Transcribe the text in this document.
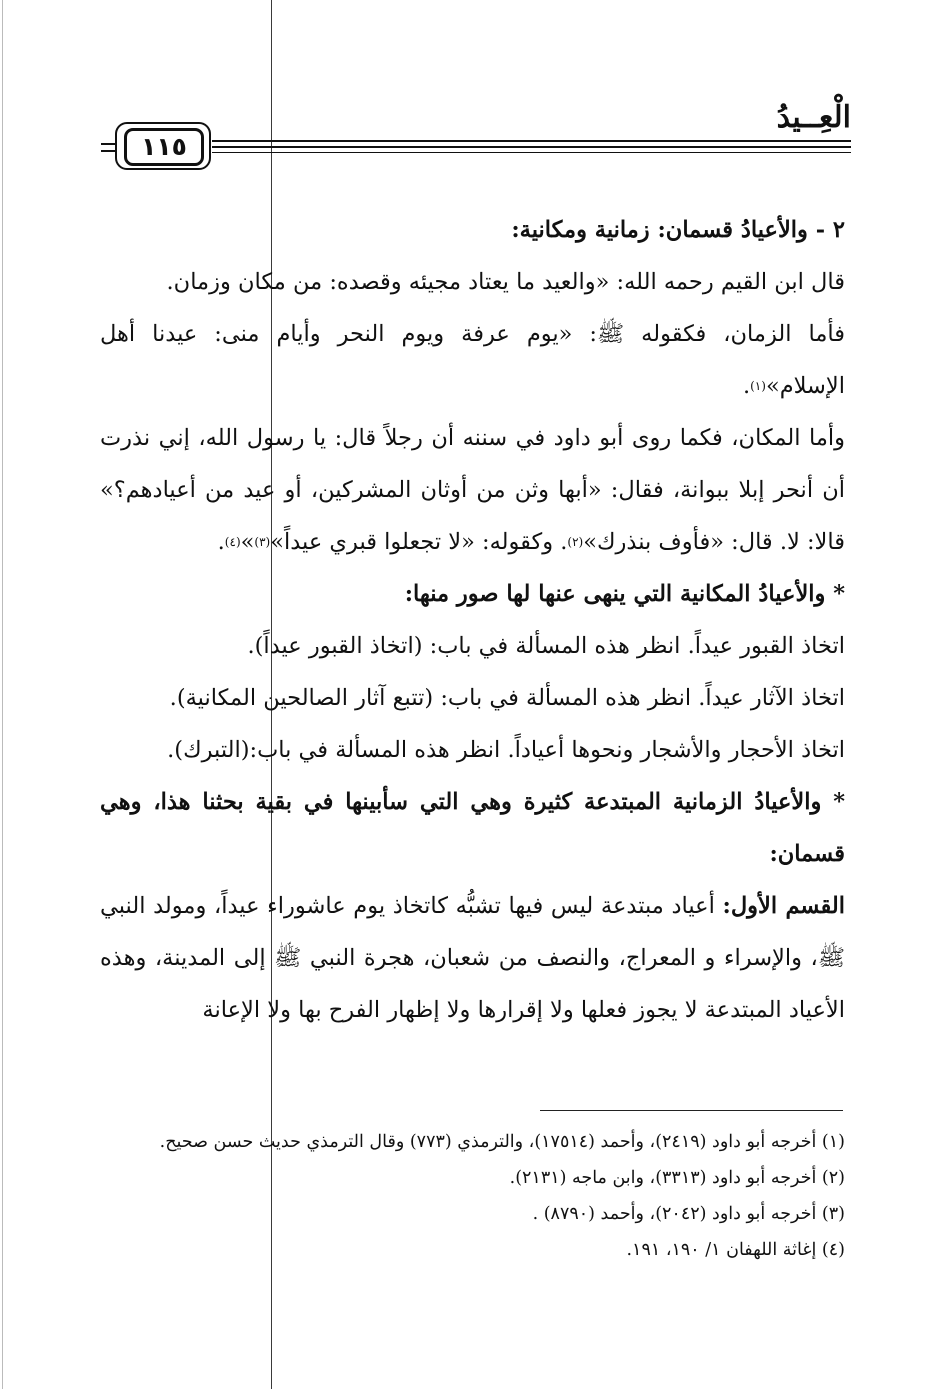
الْعِــيدُ
١١٥

٢ - والأعيادُ قسمان: زمانية ومكانية:

قال ابن القيم رحمه الله: «والعيد ما يعتاد مجيئه وقصده: من مكان وزمان.

فأما الزمان، فكقوله ﷺ: «يوم عرفة ويوم النحر وأيام منى: عيدنا أهل الإسلام»$^{(١)}$.

وأما المكان، فكما روى أبو داود في سننه أن رجلاً قال: يا رسول الله، إني نذرت أن أنحر إبلا ببوانة، فقال: «أبها وثن من أوثان المشركين، أو عيد من أعيادهم؟» قالا: لا. قال: «فأوف بنذرك»$^{(٢)}$. وكقوله: «لا تجعلوا قبري عيداً»$^{(٣)}$»$^{(٤)}$.

* والأعيادُ المكانية التي ينهى عنها لها صور منها:

اتخاذ القبور عيداً. انظر هذه المسألة في باب: (اتخاذ القبور عيداً).

اتخاذ الآثار عيداً. انظر هذه المسألة في باب: (تتبع آثار الصالحين المكانية).

اتخاذ الأحجار والأشجار ونحوها أعياداً. انظر هذه المسألة في باب:(التبرك).

* والأعيادُ الزمانية المبتدعة كثيرة وهي التي سأبينها في بقية بحثنا هذا، وهي قسمان:

القسم الأول: أعياد مبتدعة ليس فيها تشبُّه كاتخاذ يوم عاشوراء عيداً، ومولد النبي ﷺ، والإسراء و المعراج، والنصف من شعبان، هجرة النبي ﷺ إلى المدينة، وهذه الأعياد المبتدعة لا يجوز فعلها ولا إقرارها ولا إظهار الفرح بها ولا الإعانة

(١) أخرجه أبو داود (٢٤١٩)، وأحمد (١٧٥١٤)، والترمذي (٧٧٣) وقال الترمذي حديث حسن صحيح.

(٢) أخرجه أبو داود (٣٣١٣)، وابن ماجه (٢١٣١).

(٣) أخرجه أبو داود (٢٠٤٢)، وأحمد (٨٧٩٠) .

(٤) إغاثة اللهفان ١/ ١٩٠، ١٩١.
